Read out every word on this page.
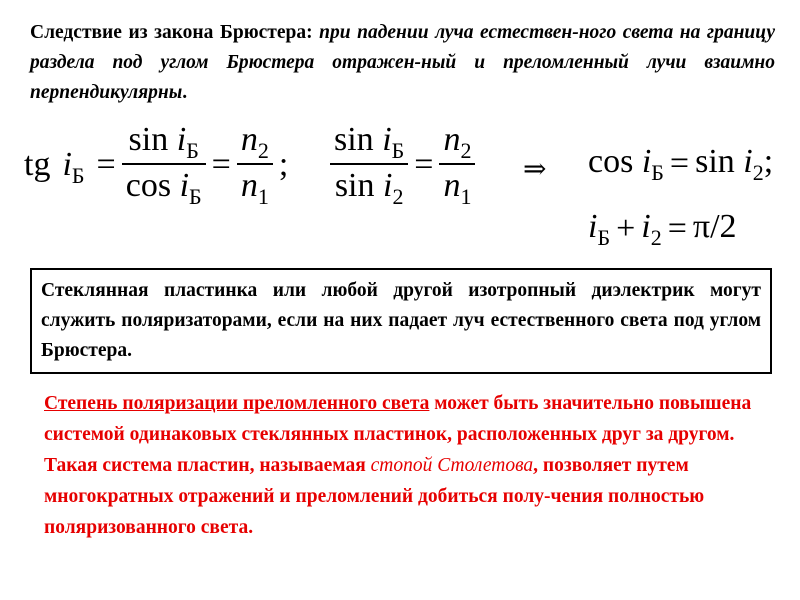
Следствие из закона Брюстера: при падении луча естествен-ного света на границу раздела под углом Брюстера отражен-ный и преломленный лучи взаимно перпендикулярны.
tg $i_Б = \frac{\sin i_Б}{\cos i_Б} = \frac{n_2}{n_1}$ ; $\frac{\sin i_Б}{\sin i_2} = \frac{n_2}{n_1}$ ⇒ $\cos i_Б = \sin i_2$;
$i_Б + i_2 = \pi/2$
Стеклянная пластинка или любой другой изотропный диэлектрик могут служить поляризаторами, если на них падает луч естественного света под углом Брюстера.
Степень поляризации преломленного света может быть значительно повышена системой одинаковых стеклянных пластинок, расположенных друг за другом. Такая система пластин, называемая стопой Столетова, позволяет путем многократных отражений и преломлений добиться полу-чения полностью поляризованного света.
